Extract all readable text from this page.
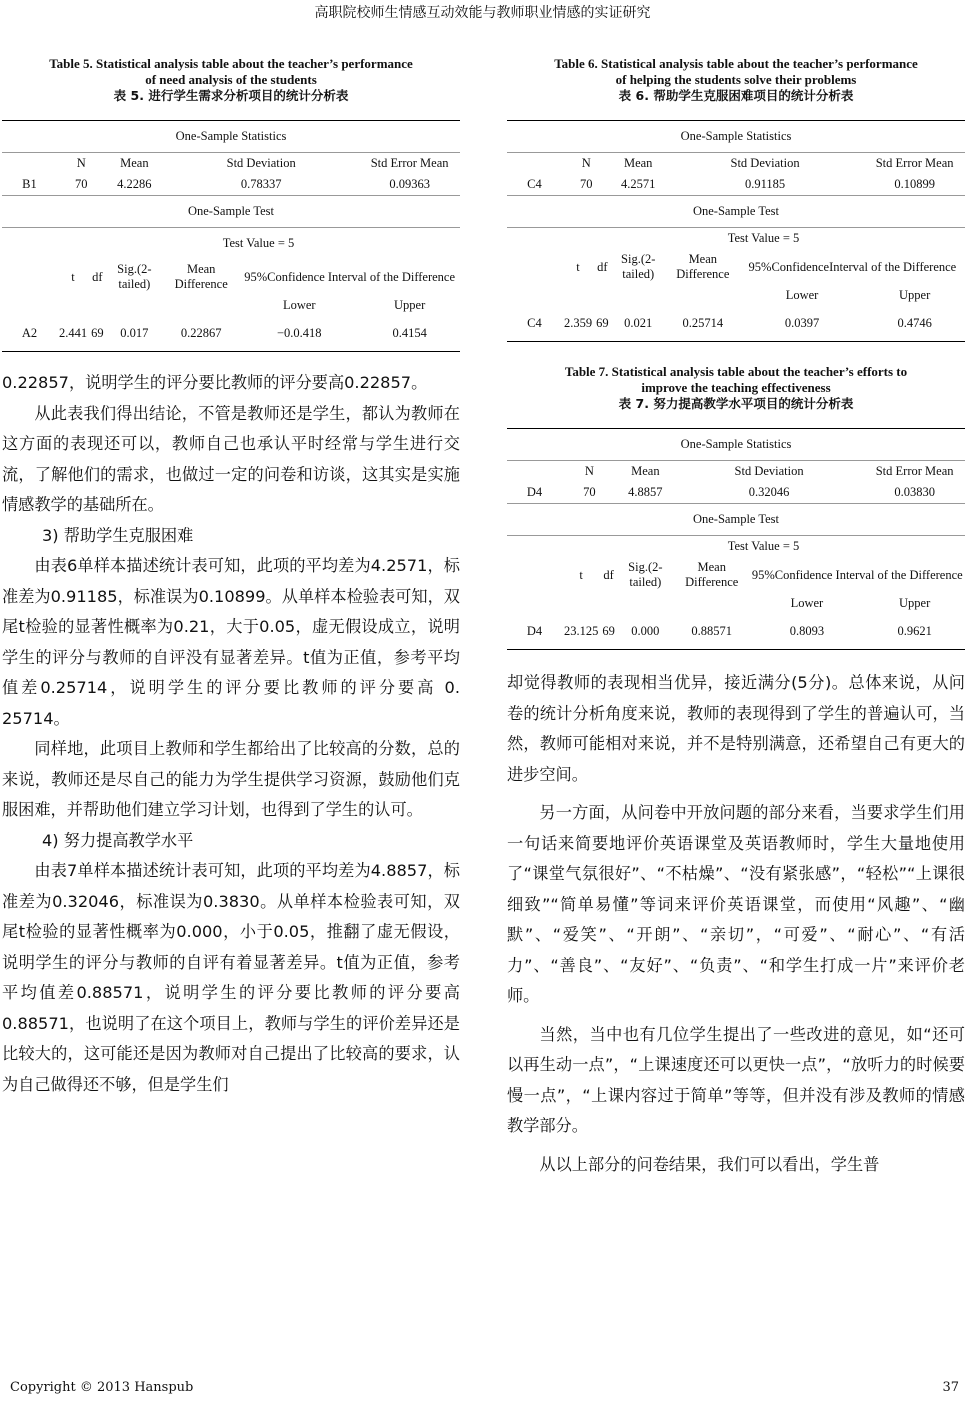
高职院校师生情感互动效能与教师职业情感的实证研究
Table 5. Statistical analysis table about the teacher’s performance
of need analysis of the students
表 5. 进行学生需求分析项目的统计分析表
One-Sample Statistics						
	N		Mean	Std Deviation		Std Error Mean
B1	70		4.2286	0.78337		0.09363
One-Sample Test						
	Test Value = 5					
	t	df	Sig.(2-tailed)	Mean Difference	95%Confidence Interval of the Difference	
					Lower	Upper
A2	2.441	69	0.017	0.22867	−0.0.418	0.4154

0.22857，说明学生的评分要比教师的评分要高0.22857。

从此表我们得出结论，不管是教师还是学生，都认为教师在这方面的表现还可以，教师自己也承认平时经常与学生进行交流，了解他们的需求，也做过一定的问卷和访谈，这其实是实施情感教学的基础所在。

3) 帮助学生克服困难

由表6单样本描述统计表可知，此项的平均差为4.2571，标准差为0.91185，标准误为0.10899。从单样本检验表可知，双尾t检验的显著性概率为0.21，大于0.05，虚无假设成立，说明学生的评分与教师的自评没有显著差异。t值为正值，参考平均值差0.25714，说明学生的评分要比教师的评分要高 0. 25714。

同样地，此项目上教师和学生都给出了比较高的分数，总的来说，教师还是尽自己的能力为学生提供学习资源，鼓励他们克服困难，并帮助他们建立学习计划，也得到了学生的认可。

4) 努力提高教学水平

由表7单样本描述统计表可知，此项的平均差为4.8857，标准差为0.32046，标准误为0.3830。从单样本检验表可知，双尾t检验的显著性概率为0.000，小于0.05，推翻了虚无假设，说明学生的评分与教师的自评有着显著差异。t值为正值，参考平均值差0.88571，说明学生的评分要比教师的评分要高0.88571，也说明了在这个项目上，教师与学生的评价差异还是比较大的，这可能还是因为教师对自己提出了比较高的要求，认为自己做得还不够，但是学生们

Table 6. Statistical analysis table about the teacher’s performance
of helping the students solve their problems
表 6. 帮助学生克服困难项目的统计分析表
One-Sample Statistics						
	N		Mean	Std Deviation		Std Error Mean
C4	70		4.2571	0.91185		0.10899
One-Sample Test						
	Test Value = 5					
	t	df	Sig.(2-tailed)	Mean Difference	95%ConfidenceInterval of the Difference	
					Lower	Upper
C4	2.359	69	0.021	0.25714	0.0397	0.4746
Table 7. Statistical analysis table about the teacher’s efforts to
improve the teaching effectiveness
表 7. 努力提高教学水平项目的统计分析表
One-Sample Statistics						
	N		Mean	Std Deviation		Std Error Mean
D4	70		4.8857	0.32046		0.03830
One-Sample Test						
	Test Value = 5					
	t	df	Sig.(2-tailed)	Mean Difference	95%Confidence Interval of the Difference	
					Lower	Upper
D4	23.125	69	0.000	0.88571	0.8093	0.9621

却觉得教师的表现相当优异，接近满分(5分)。总体来说，从问卷的统计分析角度来说，教师的表现得到了学生的普遍认可，当然，教师可能相对来说，并不是特别满意，还希望自己有更大的进步空间。

另一方面，从问卷中开放问题的部分来看，当要求学生们用一句话来简要地评价英语课堂及英语教师时，学生大量地使用了“课堂气氛很好”、“不枯燥”、“没有紧张感”，“轻松”“上课很细致”“简单易懂”等词来评价英语课堂，而使用“风趣”、“幽默”、“爱笑”、“开朗”、“亲切”，“可爱”、“耐心”、“有活力”、“善良”、“友好”、“负责”、“和学生打成一片”来评价老师。

当然，当中也有几位学生提出了一些改进的意见，如“还可以再生动一点”，“上课速度还可以更快一点”，“放听力的时候要慢一点”，“上课内容过于简单”等等，但并没有涉及教师的情感教学部分。

从以上部分的问卷结果，我们可以看出，学生普

Copyright © 2013 Hanspub	37
